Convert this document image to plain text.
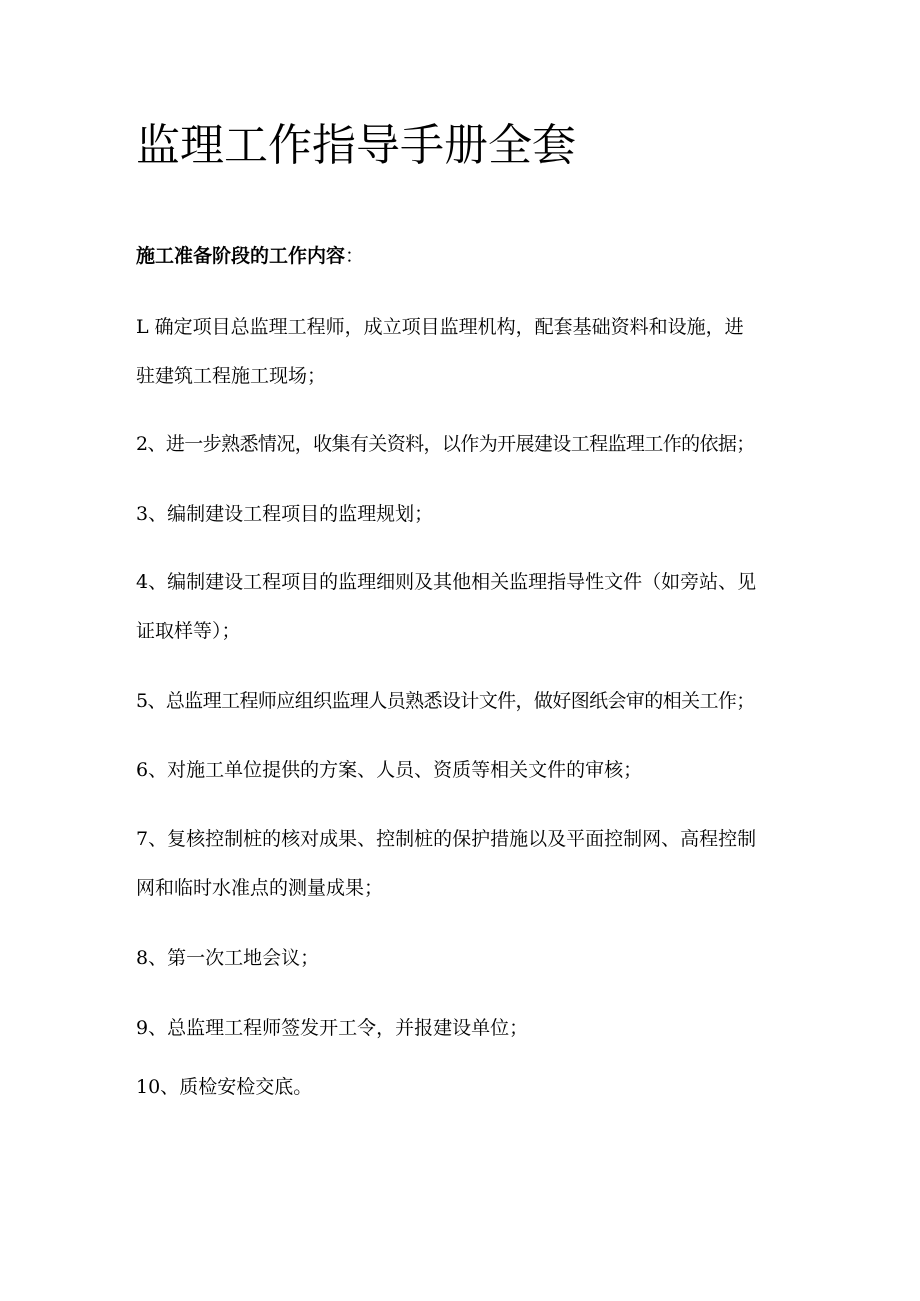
监理工作指导手册全套

施工准备阶段的工作内容：

L 确定项目总监理工程师，成立项目监理机构，配套基础资料和设施，进

驻建筑工程施工现场；

2、进一步熟悉情况，收集有关资料，以作为开展建设工程监理工作的依据；

3、编制建设工程项目的监理规划；

4、编制建设工程项目的监理细则及其他相关监理指导性文件（如旁站、见

证取样等）；

5、总监理工程师应组织监理人员熟悉设计文件，做好图纸会审的相关工作；

6、对施工单位提供的方案、人员、资质等相关文件的审核；

7、复核控制桩的核对成果、控制桩的保护措施以及平面控制网、高程控制

网和临时水准点的测量成果；

8、第一次工地会议；

9、总监理工程师签发开工令，并报建设单位；

10、质检安检交底。
